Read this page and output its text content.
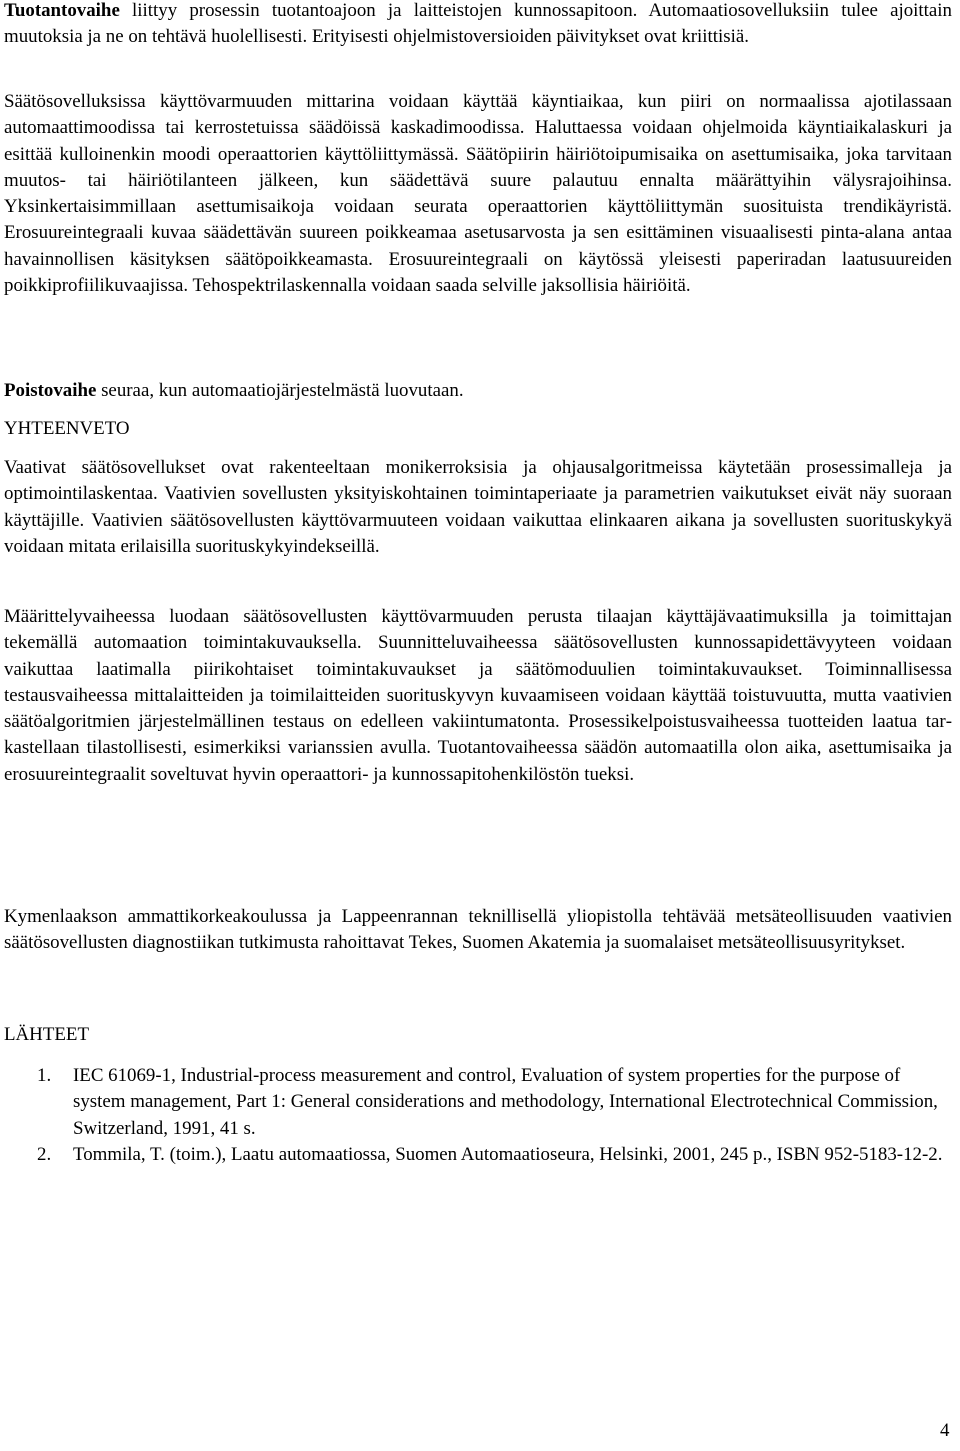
Tuotantovaihe liittyy prosessin tuotantoajoon ja laitteistojen kunnossapitoon. Automaatiosovelluksiin tulee ajoittain muutoksia ja ne on tehtävä huolellisesti. Erityisesti ohjelmistoversioiden päivitykset ovat kriittisiä.

Säätösovelluksissa käyttövarmuuden mittarina voidaan käyttää käyntiaikaa, kun piiri on normaalissa ajotilassaan automaattimoodissa tai kerrostetuissa säädöissä kaskadimoodissa. Haluttaessa voidaan ohjelmoida käyntiaikalaskuri ja esittää kulloinenkin moodi operaattorien käyttöliittymässä. Säätöpiirin häiriötoipumisaika on asettumisaika, joka tarvitaan muutos- tai häiriötilanteen jälkeen, kun säädettävä suure palautuu ennalta määrättyihin välysrajoihinsa. Yksinkertaisimmillaan asettumisaikoja voidaan seurata operaattorien käyttöliittymän suosituista trendikäyristä. Erosuureintegraali kuvaa säädettävän suureen poikkeamaa asetusarvosta ja sen esittäminen visuaalisesti pinta-alana antaa havainnollisen käsityksen säätöpoikkeamasta. Erosuureintegraali on käytössä yleisesti paperiradan laatusuureiden poikkiprofiilikuvaajissa. Tehospektrilaskennalla voidaan saada selville jaksollisia häiriöitä.

Poistovaihe seuraa, kun automaatiojärjestelmästä luovutaan.

YHTEENVETO

Vaativat säätösovellukset ovat rakenteeltaan monikerroksisia ja ohjausalgoritmeissa käytetään prosessimalleja ja optimointilaskentaa. Vaativien sovellusten yksityiskohtainen toimintaperiaate ja parametrien vaikutukset eivät näy suoraan käyttäjille. Vaativien säätösovellusten käyttövarmuuteen voidaan vaikuttaa elinkaaren aikana ja sovellusten suorituskykyä voidaan mitata erilaisilla suorituskykyindekseillä.

Määrittelyvaiheessa luodaan säätösovellusten käyttövarmuuden perusta tilaajan käyttäjävaatimuksilla ja toimittajan tekemällä automaation toimintakuvauksella. Suunnitteluvaiheessa säätösovellusten kunnossapidettävyyteen voidaan vaikuttaa laatimalla piirikohtaiset toimintakuvaukset ja säätömoduulien toimintakuvaukset. Toiminnallisessa testausvaiheessa mittalaitteiden ja toimilaitteiden suorituskyvyn kuvaamiseen voidaan käyttää toistuvuutta, mutta vaativien säätöalgoritmien järjestelmällinen testaus on edelleen vakiintumatonta. Prosessikelpoistusvaiheessa tuotteiden laatua tarkastellaan tilastollisesti, esimerkiksi varianssien avulla. Tuotantovaiheessa säädön automaatilla olon aika, asettumisaika ja erosuureintegraalit soveltuvat hyvin operaattori- ja kunnossapitohenkilöstön tueksi.

Kymenlaakson ammattikorkeakoulussa ja Lappeenrannan teknillisellä yliopistolla tehtävää metsäteollisuuden vaativien säätösovellusten diagnostiikan tutkimusta rahoittavat Tekes, Suomen Akatemia ja suomalaiset metsäteollisuusyritykset.

LÄHTEET
1. IEC 61069-1, Industrial-process measurement and control, Evaluation of system properties for the purpose of system management, Part 1: General considerations and methodology, International Electrotechnical Commission, Switzerland, 1991, 41 s.
2. Tommila, T. (toim.), Laatu automaatiossa, Suomen Automaatioseura, Helsinki, 2001, 245 p., ISBN 952-5183-12-2.
4
